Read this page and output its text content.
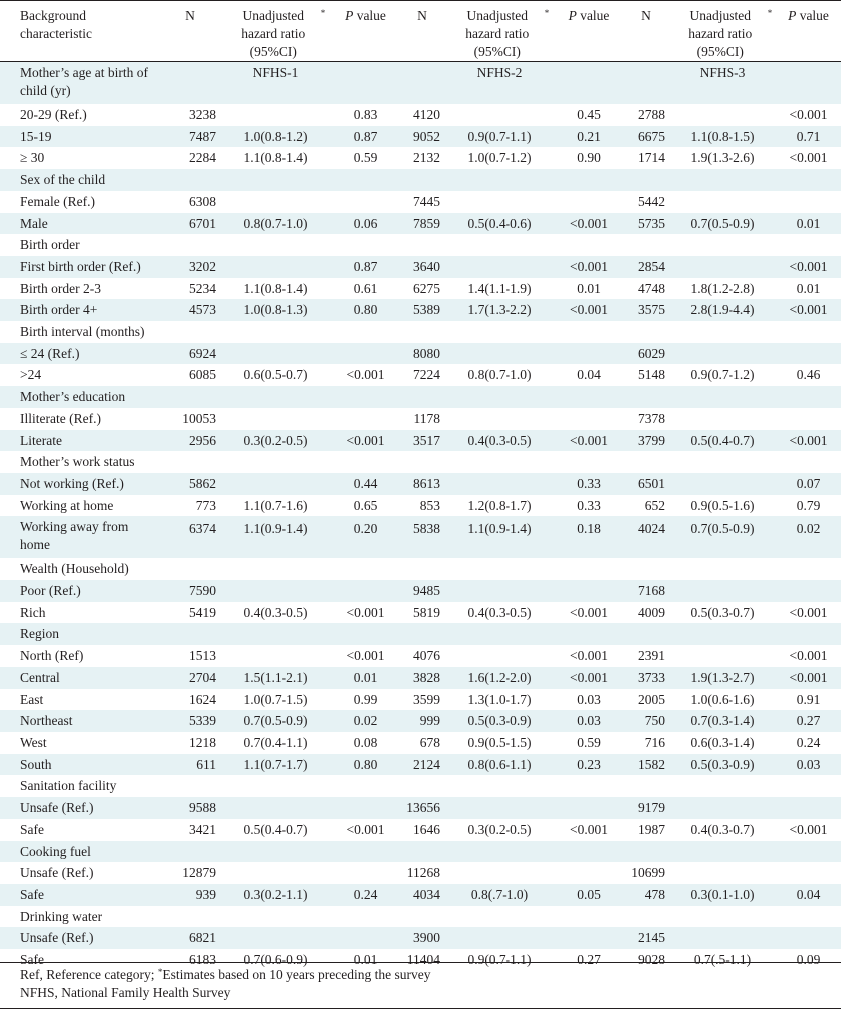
Background characteristic	N	Unadjusted hazard ratio (95%CI)*	P value	N	Unadjusted hazard ratio (95%CI)*	P value	N	Unadjusted hazard ratio (95%CI)*	P value

Mother’s age at birth of child (yr)		NFHS-1			NFHS-2			NFHS-3	
20-29 (Ref.)	3238		0.83	4120		0.45	2788		<0.001
15-19	7487	1.0(0.8-1.2)	0.87	9052	0.9(0.7-1.1)	0.21	6675	1.1(0.8-1.5)	0.71
≥ 30	2284	1.1(0.8-1.4)	0.59	2132	1.0(0.7-1.2)	0.90	1714	1.9(1.3-2.6)	<0.001
Sex of the child									
Female (Ref.)	6308			7445			5442		
Male	6701	0.8(0.7-1.0)	0.06	7859	0.5(0.4-0.6)	<0.001	5735	0.7(0.5-0.9)	0.01
Birth order									
First birth order (Ref.)	3202		0.87	3640		<0.001	2854		<0.001
Birth order 2-3	5234	1.1(0.8-1.4)	0.61	6275	1.4(1.1-1.9)	0.01	4748	1.8(1.2-2.8)	0.01
Birth order 4+	4573	1.0(0.8-1.3)	0.80	5389	1.7(1.3-2.2)	<0.001	3575	2.8(1.9-4.4)	<0.001
Birth interval (months)									
≤ 24 (Ref.)	6924			8080			6029		
>24	6085	0.6(0.5-0.7)	<0.001	7224	0.8(0.7-1.0)	0.04	5148	0.9(0.7-1.2)	0.46
Mother’s education									
Illiterate (Ref.)	10053			1178			7378		
Literate	2956	0.3(0.2-0.5)	<0.001	3517	0.4(0.3-0.5)	<0.001	3799	0.5(0.4-0.7)	<0.001
Mother’s work status									
Not working (Ref.)	5862		0.44	8613		0.33	6501		0.07
Working at home	773	1.1(0.7-1.6)	0.65	853	1.2(0.8-1.7)	0.33	652	0.9(0.5-1.6)	0.79

Working away from
home	6374	1.1(0.9-1.4)	0.20	5838	1.1(0.9-1.4)	0.18	4024	0.7(0.5-0.9)	0.02
Wealth (Household)									
Poor (Ref.)	7590			9485			7168		
Rich	5419	0.4(0.3-0.5)	<0.001	5819	0.4(0.3-0.5)	<0.001	4009	0.5(0.3-0.7)	<0.001
Region									
North (Ref)	1513		<0.001	4076		<0.001	2391		<0.001
Central	2704	1.5(1.1-2.1)	0.01	3828	1.6(1.2-2.0)	<0.001	3733	1.9(1.3-2.7)	<0.001
East	1624	1.0(0.7-1.5)	0.99	3599	1.3(1.0-1.7)	0.03	2005	1.0(0.6-1.6)	0.91
Northeast	5339	0.7(0.5-0.9)	0.02	999	0.5(0.3-0.9)	0.03	750	0.7(0.3-1.4)	0.27
West	1218	0.7(0.4-1.1)	0.08	678	0.9(0.5-1.5)	0.59	716	0.6(0.3-1.4)	0.24
South	611	1.1(0.7-1.7)	0.80	2124	0.8(0.6-1.1)	0.23	1582	0.5(0.3-0.9)	0.03
Sanitation facility									
Unsafe (Ref.)	9588			13656			9179		
Safe	3421	0.5(0.4-0.7)	<0.001	1646	0.3(0.2-0.5)	<0.001	1987	0.4(0.3-0.7)	<0.001
Cooking fuel									
Unsafe (Ref.)	12879			11268			10699		
Safe	939	0.3(0.2-1.1)	0.24	4034	0.8(.7-1.0)	0.05	478	0.3(0.1-1.0)	0.04
Drinking water									
Unsafe (Ref.)	6821			3900			2145		
Safe	6183	0.7(0.6-0.9)	0.01	11404	0.9(0.7-1.1)	0.27	9028	0.7(.5-1.1)	0.09
Ref, Reference category; *Estimates based on 10 years preceding the survey
NFHS, National Family Health Survey
